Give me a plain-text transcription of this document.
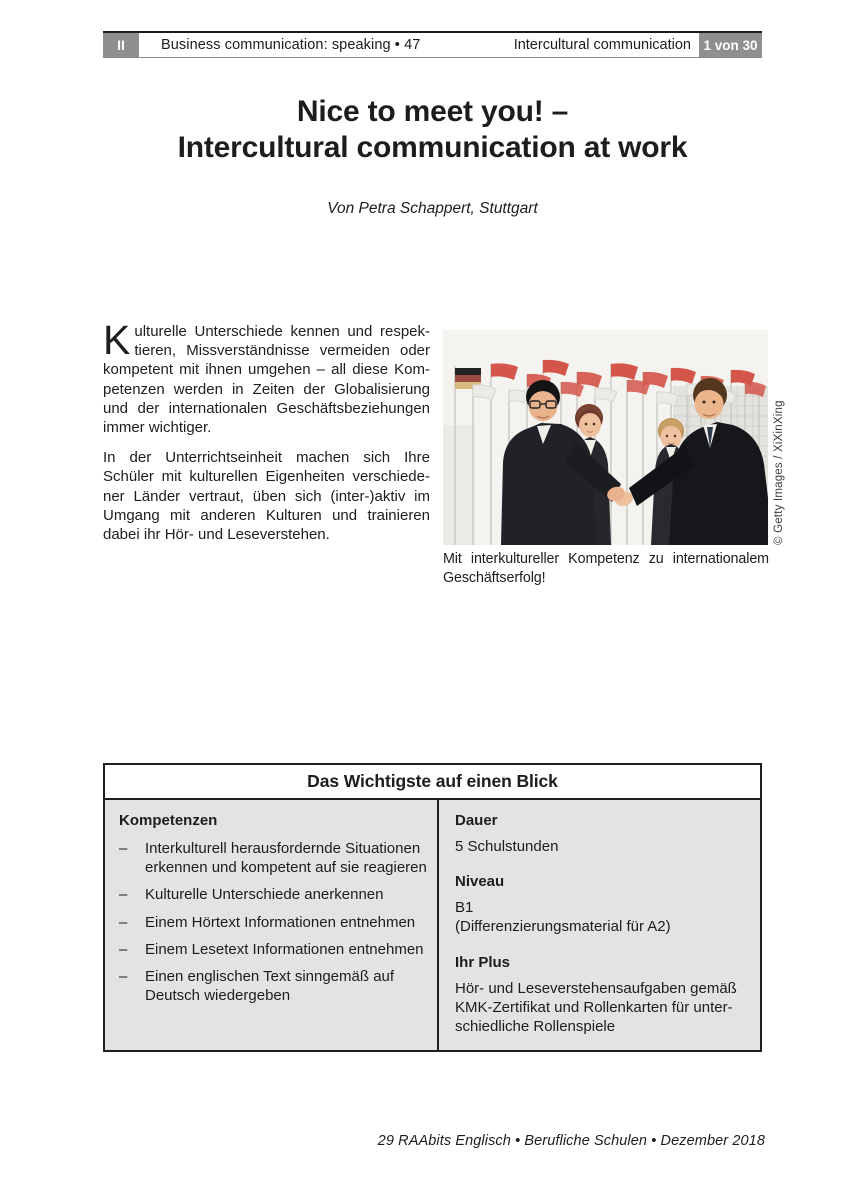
II	Business communication: speaking • 47	Intercultural communication 1 von 30
Nice to meet you! –
Intercultural communication at work
Von Petra Schappert, Stuttgart

Kulturelle Unterschiede kennen und respektieren, Missverständnisse vermeiden oder kompetent mit ihnen umgehen – all diese Kompetenzen werden in Zeiten der Globalisierung und der internationalen Geschäftsbeziehungen immer wichtiger.

In der Unterrichtseinheit machen sich Ihre Schüler mit kulturellen Eigenheiten verschiedener Länder vertraut, üben sich (inter-)aktiv im Umgang mit anderen Kulturen und trainieren dabei ihr Hör- und Leseverstehen.	© Getty Images / XiXinXing
Mit interkultureller Kompetenz zu internationalem Geschäftserfolg!
Das Wichtigste auf einen Blick
Kompetenzen
–	Interkulturell herausfordernde Situationen erkennen und kompetent auf sie reagieren
–	Kulturelle Unterschiede anerkennen
–	Einem Hörtext Informationen entnehmen
–	Einem Lesetext Informationen entnehmen
–	Einen englischen Text sinngemäß auf Deutsch wiedergeben
Dauer
5 Schulstunden
Niveau
B1
(Differenzierungsmaterial für A2)
Ihr Plus
Hör- und Leseverstehensaufgaben gemäß KMK-Zertifikat und Rollenkarten für unterschiedliche Rollenspiele
29 RAAbits Englisch • Berufliche Schulen • Dezember 2018
